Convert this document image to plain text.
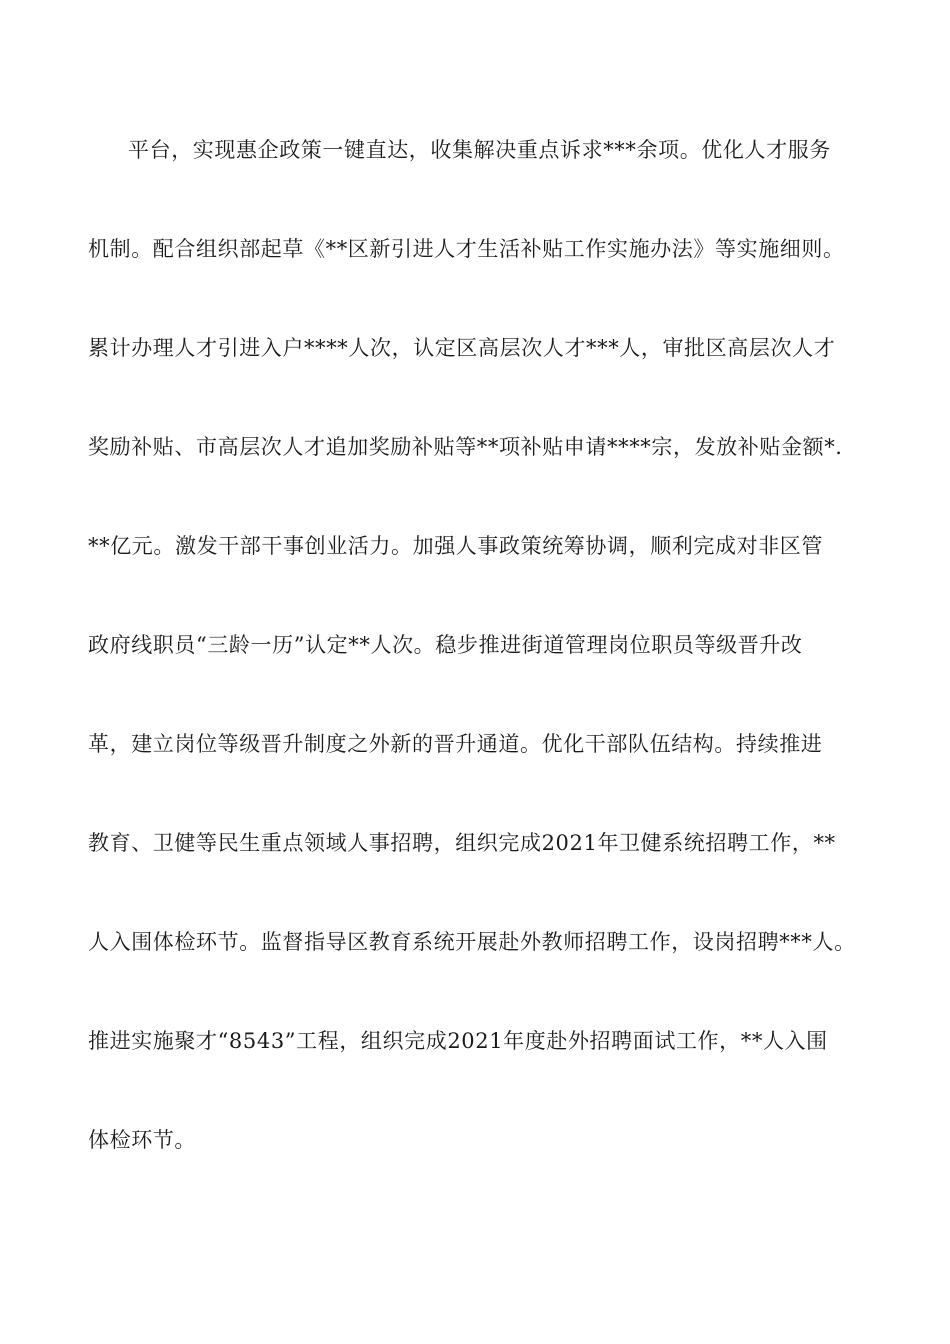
平台，实现惠企政策一键直达，收集解决重点诉求***余项。优化人才服务
机制。配合组织部起草《**区新引进人才生活补贴工作实施办法》等实施细则。
累计办理人才引进入户****人次，认定区高层次人才***人，审批区高层次人才
奖励补贴、市高层次人才追加奖励补贴等**项补贴申请****宗，发放补贴金额*.
**亿元。激发干部干事创业活力。加强人事政策统筹协调，顺利完成对非区管
政府线职员“三龄一历”认定**人次。稳步推进街道管理岗位职员等级晋升改
革，建立岗位等级晋升制度之外新的晋升通道。优化干部队伍结构。持续推进
教育、卫健等民生重点领域人事招聘，组织完成2021年卫健系统招聘工作，**
人入围体检环节。监督指导区教育系统开展赴外教师招聘工作，设岗招聘***人。
推进实施聚才“8543”工程，组织完成2021年度赴外招聘面试工作，**人入围
体检环节。
